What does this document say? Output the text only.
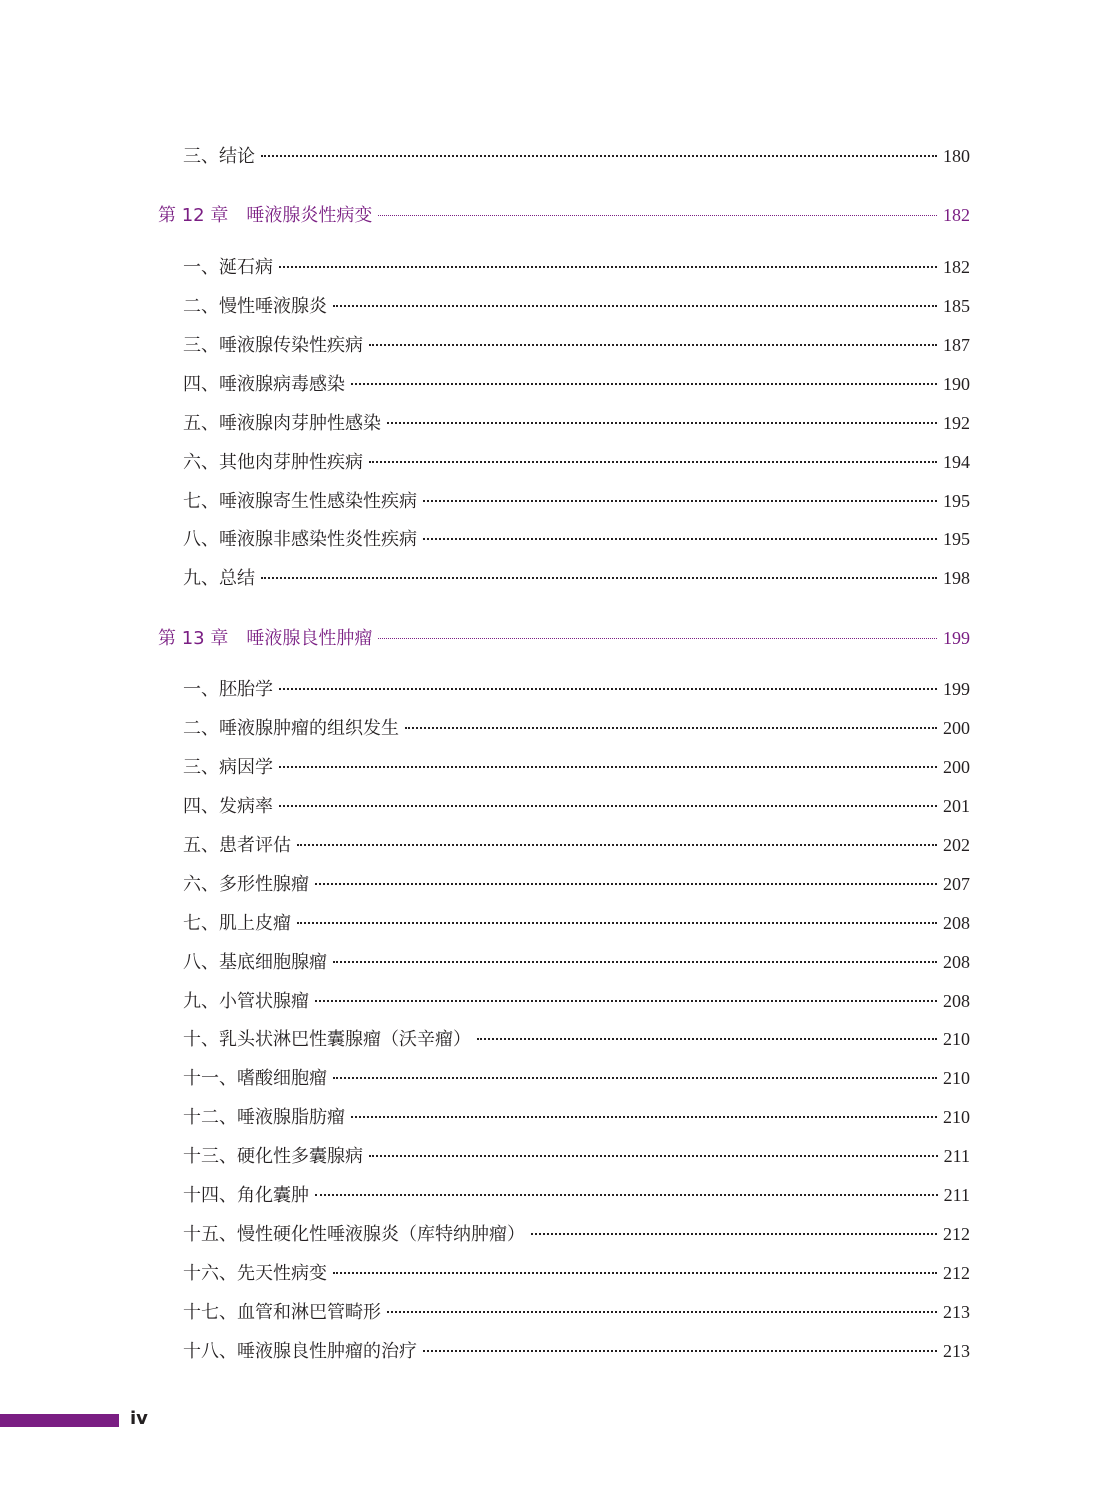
三、结论	180
第 12 章　唾液腺炎性病变	182
一、涎石病	182
二、慢性唾液腺炎	185
三、唾液腺传染性疾病	187
四、唾液腺病毒感染	190
五、唾液腺肉芽肿性感染	192
六、其他肉芽肿性疾病	194
七、唾液腺寄生性感染性疾病	195
八、唾液腺非感染性炎性疾病	195
九、总结	198
第 13 章　唾液腺良性肿瘤	199
一、胚胎学	199
二、唾液腺肿瘤的组织发生	200
三、病因学	200
四、发病率	201
五、患者评估	202
六、多形性腺瘤	207
七、肌上皮瘤	208
八、基底细胞腺瘤	208
九、小管状腺瘤	208
十、乳头状淋巴性囊腺瘤（沃辛瘤）	210
十一、嗜酸细胞瘤	210
十二、唾液腺脂肪瘤	210
十三、硬化性多囊腺病	211
十四、角化囊肿	211
十五、慢性硬化性唾液腺炎（库特纳肿瘤）	212
十六、先天性病变	212
十七、血管和淋巴管畸形	213
十八、唾液腺良性肿瘤的治疗	213
iv
